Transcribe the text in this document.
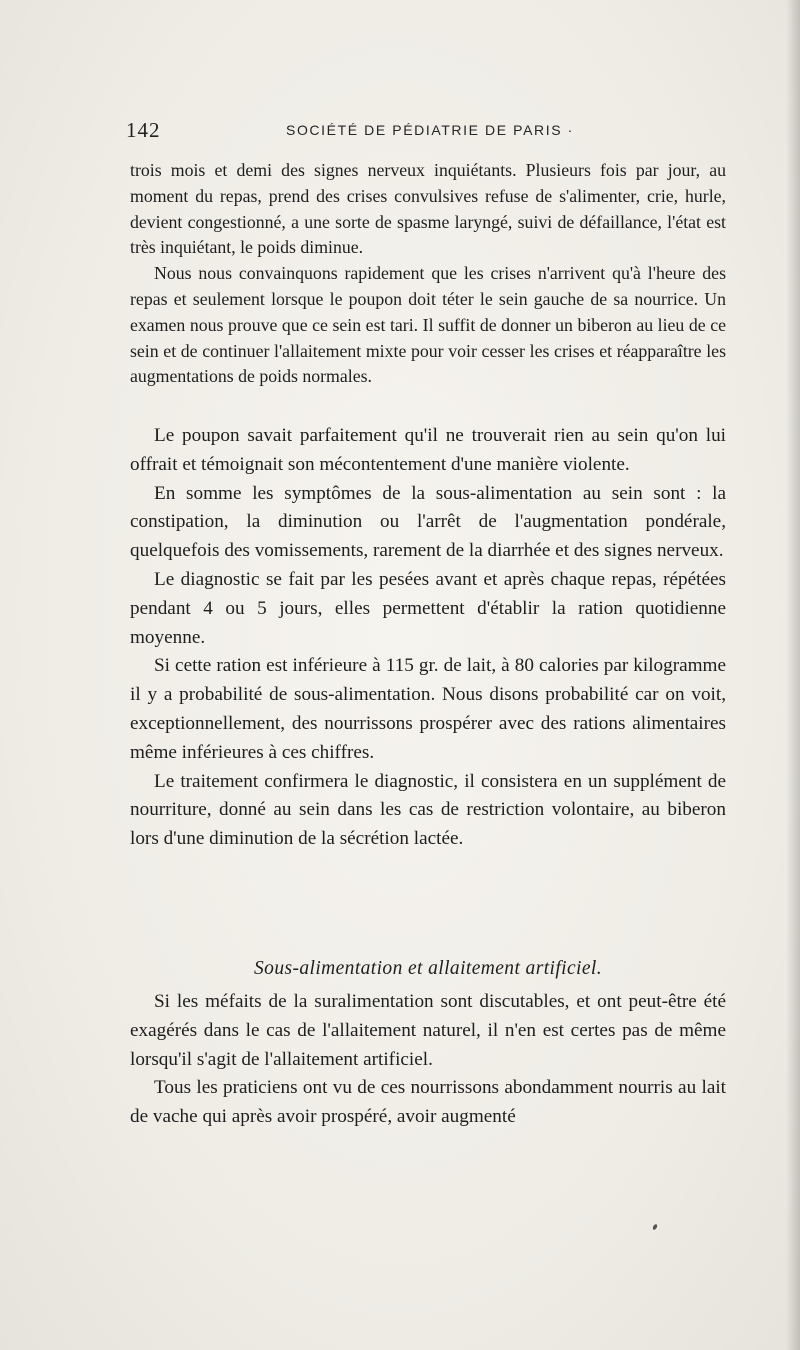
142	SOCIÉTÉ DE PÉDIATRIE DE PARIS ·

trois mois et demi des signes nerveux inquiétants. Plusieurs fois par jour, au moment du repas, prend des crises convulsives refuse de s'alimenter, crie, hurle, devient congestionné, a une sorte de spasme laryngé, suivi de défaillance, l'état est très inquiétant, le poids diminue.

Nous nous convainquons rapidement que les crises n'arrivent qu'à l'heure des repas et seulement lorsque le poupon doit téter le sein gauche de sa nourrice. Un examen nous prouve que ce sein est tari. Il suffit de donner un biberon au lieu de ce sein et de continuer l'allaitement mixte pour voir cesser les crises et réapparaître les augmentations de poids normales.

Le poupon savait parfaitement qu'il ne trouverait rien au sein qu'on lui offrait et témoignait son mécontentement d'une manière violente.

En somme les symptômes de la sous-alimentation au sein sont : la constipation, la diminution ou l'arrêt de l'augmentation pondérale, quelquefois des vomissements, rarement de la diarrhée et des signes nerveux.

Le diagnostic se fait par les pesées avant et après chaque repas, répétées pendant 4 ou 5 jours, elles permettent d'établir la ration quotidienne moyenne.

Si cette ration est inférieure à 115 gr. de lait, à 80 calories par kilogramme il y a probabilité de sous-alimentation. Nous disons probabilité car on voit, exceptionnellement, des nourrissons prospérer avec des rations alimentaires même inférieures à ces chiffres.

Le traitement confirmera le diagnostic, il consistera en un supplément de nourriture, donné au sein dans les cas de restriction volontaire, au biberon lors d'une diminution de la sécrétion lactée.

Sous-alimentation et allaitement artificiel.

Si les méfaits de la suralimentation sont discutables, et ont peut-être été exagérés dans le cas de l'allaitement naturel, il n'en est certes pas de même lorsqu'il s'agit de l'allaitement artificiel.

Tous les praticiens ont vu de ces nourrissons abondamment nourris au lait de vache qui après avoir prospéré, avoir augmenté
